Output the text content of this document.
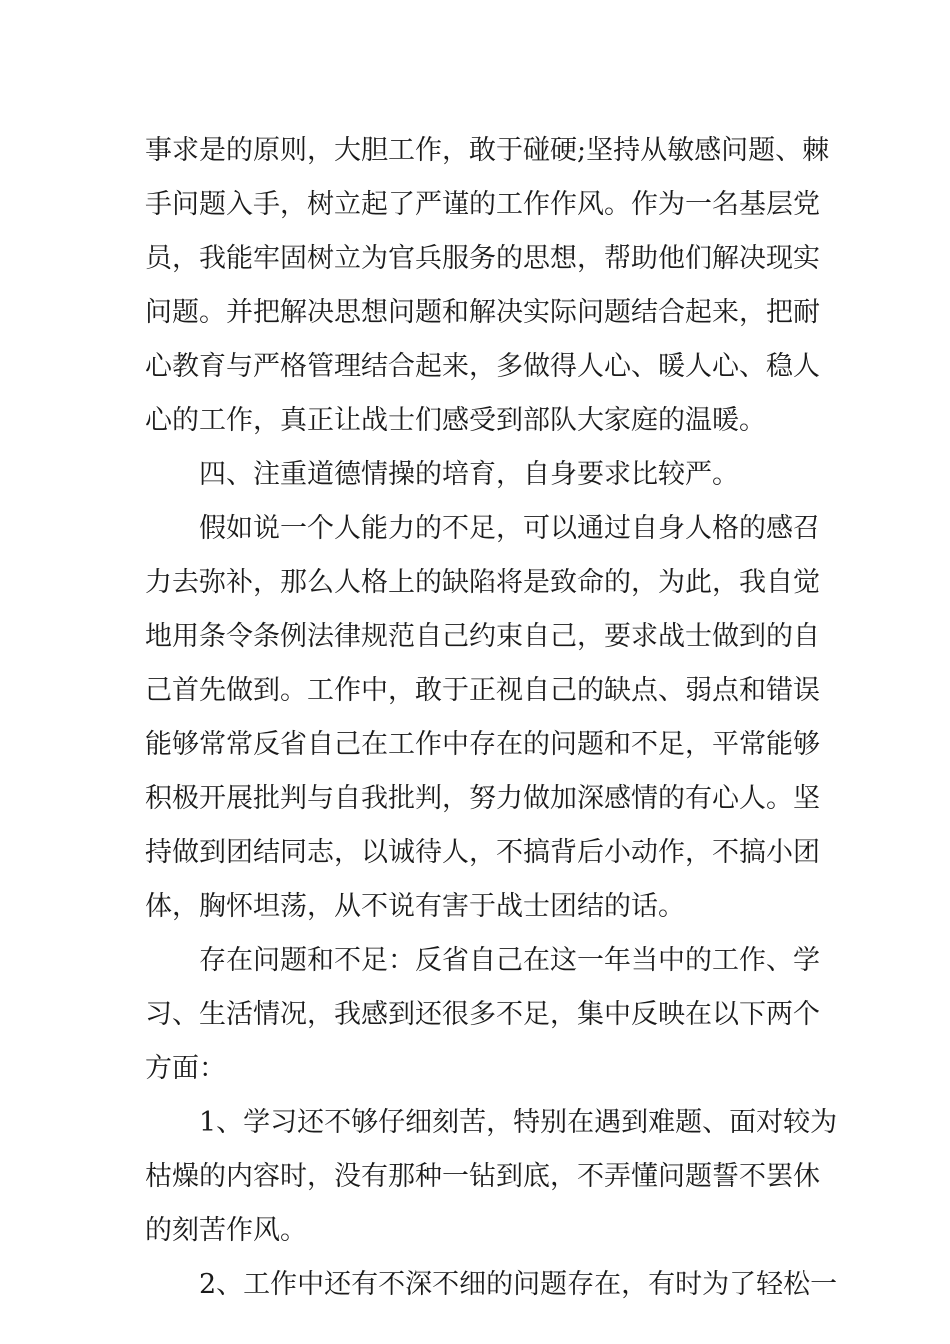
事求是的原则，大胆工作，敢于碰硬;坚持从敏感问题、棘
手问题入手，树立起了严谨的工作作风。作为一名基层党
员，我能牢固树立为官兵服务的思想，帮助他们解决现实
问题。并把解决思想问题和解决实际问题结合起来，把耐
心教育与严格管理结合起来，多做得人心、暖人心、稳人
心的工作，真正让战士们感受到部队大家庭的温暖。
四、注重道德情操的培育，自身要求比较严。
假如说一个人能力的不足，可以通过自身人格的感召
力去弥补，那么人格上的缺陷将是致命的，为此，我自觉
地用条令条例法律规范自己约束自己，要求战士做到的自
己首先做到。工作中，敢于正视自己的缺点、弱点和错误
能够常常反省自己在工作中存在的问题和不足，平常能够
积极开展批判与自我批判，努力做加深感情的有心人。坚
持做到团结同志，以诚待人，不搞背后小动作，不搞小团
体，胸怀坦荡，从不说有害于战士团结的话。
存在问题和不足：反省自己在这一年当中的工作、学
习、生活情况，我感到还很多不足，集中反映在以下两个
方面：
1、学习还不够仔细刻苦，特别在遇到难题、面对较为
枯燥的内容时，没有那种一钻到底，不弄懂问题誓不罢休
的刻苦作风。
2、工作中还有不深不细的问题存在，有时为了轻松一
